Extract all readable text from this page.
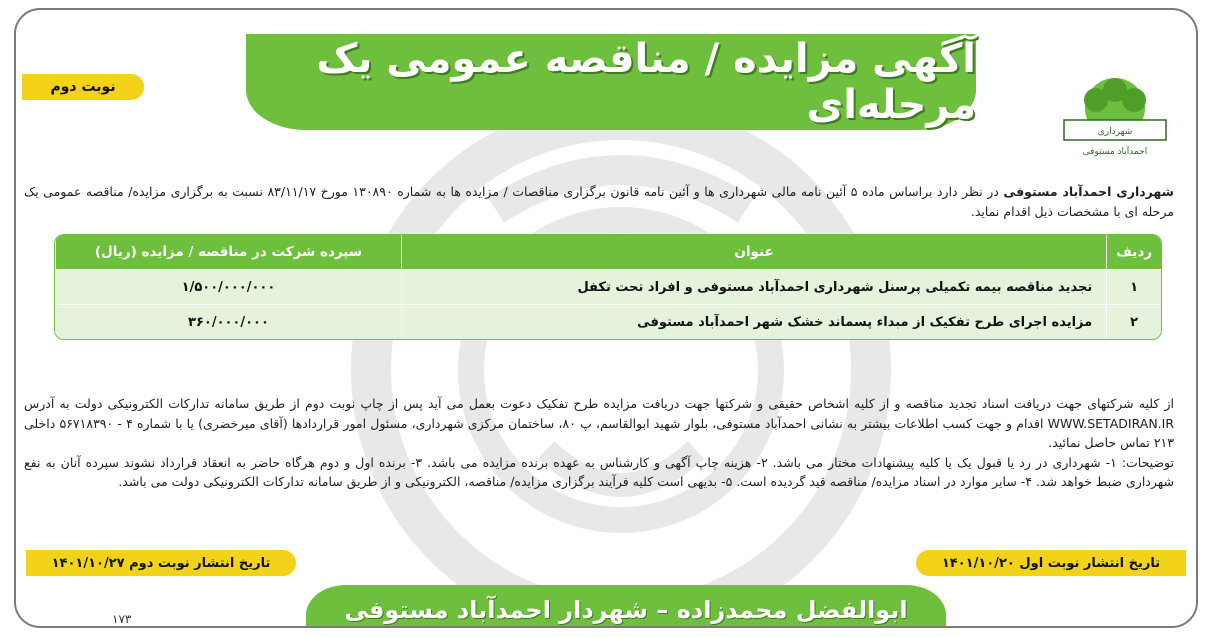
آگهی مزایده / مناقصه عمومی یک مرحله‌ای
نوبت دوم
شهرداری
احمدآباد مستوفی
شهرداری احمدآباد مستوفی در نظر دارد براساس ماده ۵ آئین نامه مالی شهرداری ها و آئین نامه قانون برگزاری مناقصات / مزایده ها به شماره ۱۳۰۸۹۰ مورخ ۸۳/۱۱/۱۷ نسبت به برگزاری مزایده/ مناقصه عمومی یک مرحله ای با مشخصات ذیل اقدام نماید.
ردیف	عنوان	سپرده شرکت در مناقصه / مزایده (ریال)
۱	تجدید مناقصه بیمه تکمیلی پرسنل شهرداری احمدآباد مستوفی و افراد تحت تکفل	۱/۵۰۰/۰۰۰/۰۰۰
۲	مزایده اجرای طرح تفکیک از مبداء پسماند خشک شهر احمدآباد مستوفی	۳۶۰/۰۰۰/۰۰۰

از کلیه شرکتهای جهت دریافت اسناد تجدید مناقصه و از کلیه اشخاص حقیقی و شرکتها جهت دریافت مزایده طرح تفکیک دعوت بعمل می آید پس از چاپ نوبت دوم از طریق سامانه تدارکات الکترونیکی دولت به آدرس WWW.SETADIRAN.IR اقدام و جهت کسب اطلاعات بیشتر به نشانی احمدآباد مستوفی، بلوار شهید ابوالقاسم، پ ۸۰، ساختمان مرکزی شهرداری، مسئول امور قراردادها (آقای میرخضری) یا با شماره ۴ - ۵۶۷۱۸۳۹۰ داخلی ۲۱۳ تماس حاصل نمائید.

توضیحات: ۱- شهرداری در رد یا قبول یک یا کلیه پیشنهادات مختار می باشد. ۲- هزینه چاپ آگهی و کارشناس به عهده برنده مزایده می باشد. ۳- برنده اول و دوم هرگاه حاضر به انعقاد قرارداد نشوند سپرده آنان به نفع شهرداری ضبط خواهد شد. ۴- سایر موارد در اسناد مزایده/ مناقصه قید گردیده است. ۵- بدیهی است کلیه فرآیند برگزاری مزایده/ مناقصه، الکترونیکی و از طریق سامانه تدارکات الکترونیکی دولت می باشد.

تاریخ انتشار نوبت دوم ۱۴۰۱/۱۰/۲۷	تاریخ انتشار نوبت اول ۱۴۰۱/۱۰/۲۰
ابوالفضل محمدزاده – شهردار احمدآباد مستوفی
۱۷۳
